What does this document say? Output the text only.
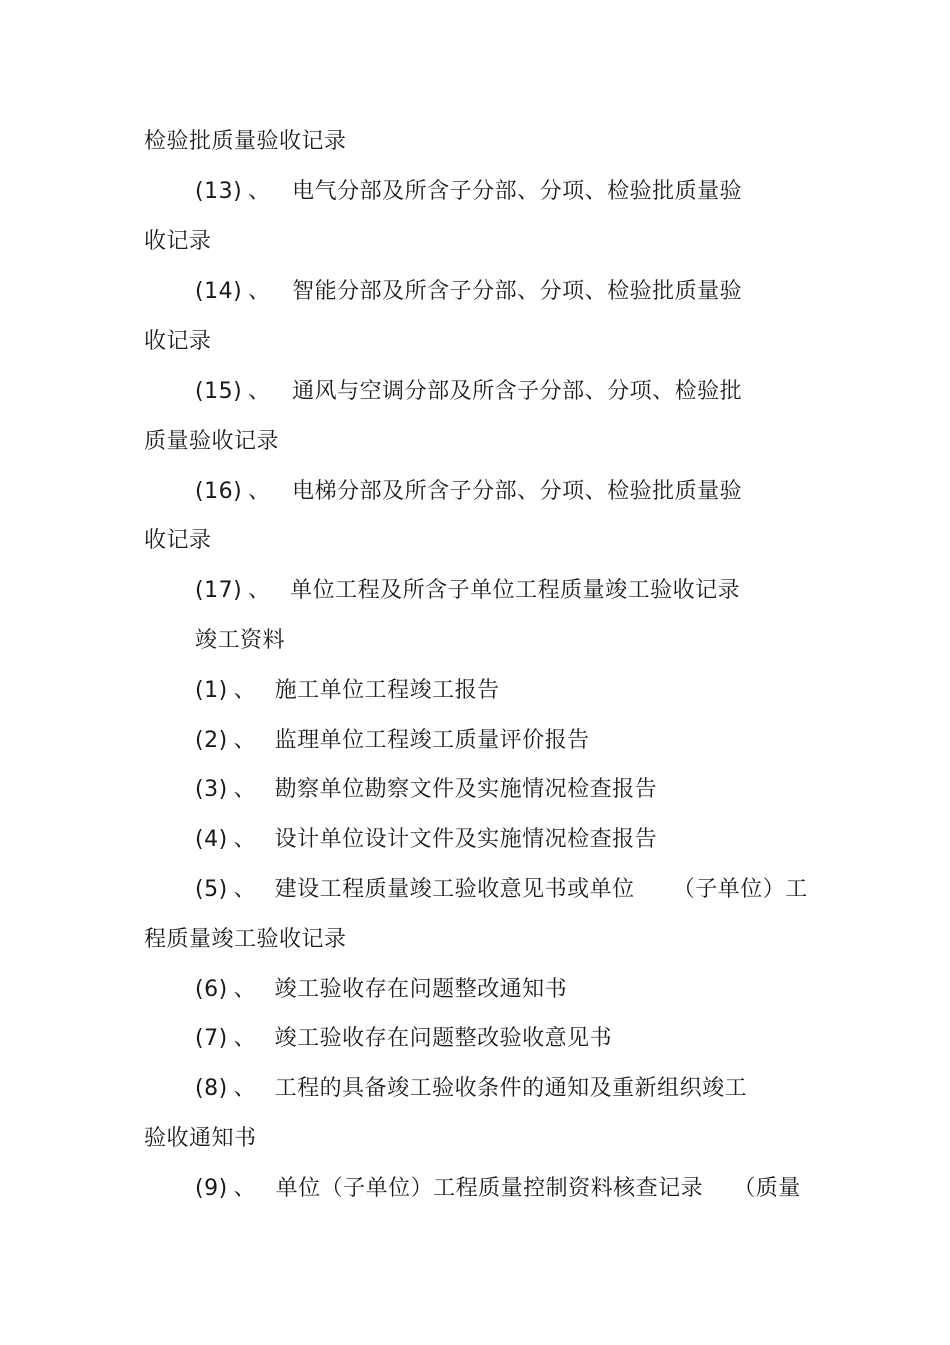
检验批质量验收记录
(13) 、 电气分部及所含子分部、分项、检验批质量验
收记录
(14) 、 智能分部及所含子分部、分项、检验批质量验
收记录
(15) 、 通风与空调分部及所含子分部、分项、检验批
质量验收记录
(16) 、 电梯分部及所含子分部、分项、检验批质量验
收记录
(17) 、 单位工程及所含子单位工程质量竣工验收记录
竣工资料
(1) 、 施工单位工程竣工报告
(2) 、 监理单位工程竣工质量评价报告
(3) 、 勘察单位勘察文件及实施情况检查报告
(4) 、 设计单位设计文件及实施情况检查报告
(5) 、 建设工程质量竣工验收意见书或单位 （子单位）工
程质量竣工验收记录
(6) 、 竣工验收存在问题整改通知书
(7) 、 竣工验收存在问题整改验收意见书
(8) 、 工程的具备竣工验收条件的通知及重新组织竣工
验收通知书
(9) 、 单位（子单位）工程质量控制资料核查记录 （质量
